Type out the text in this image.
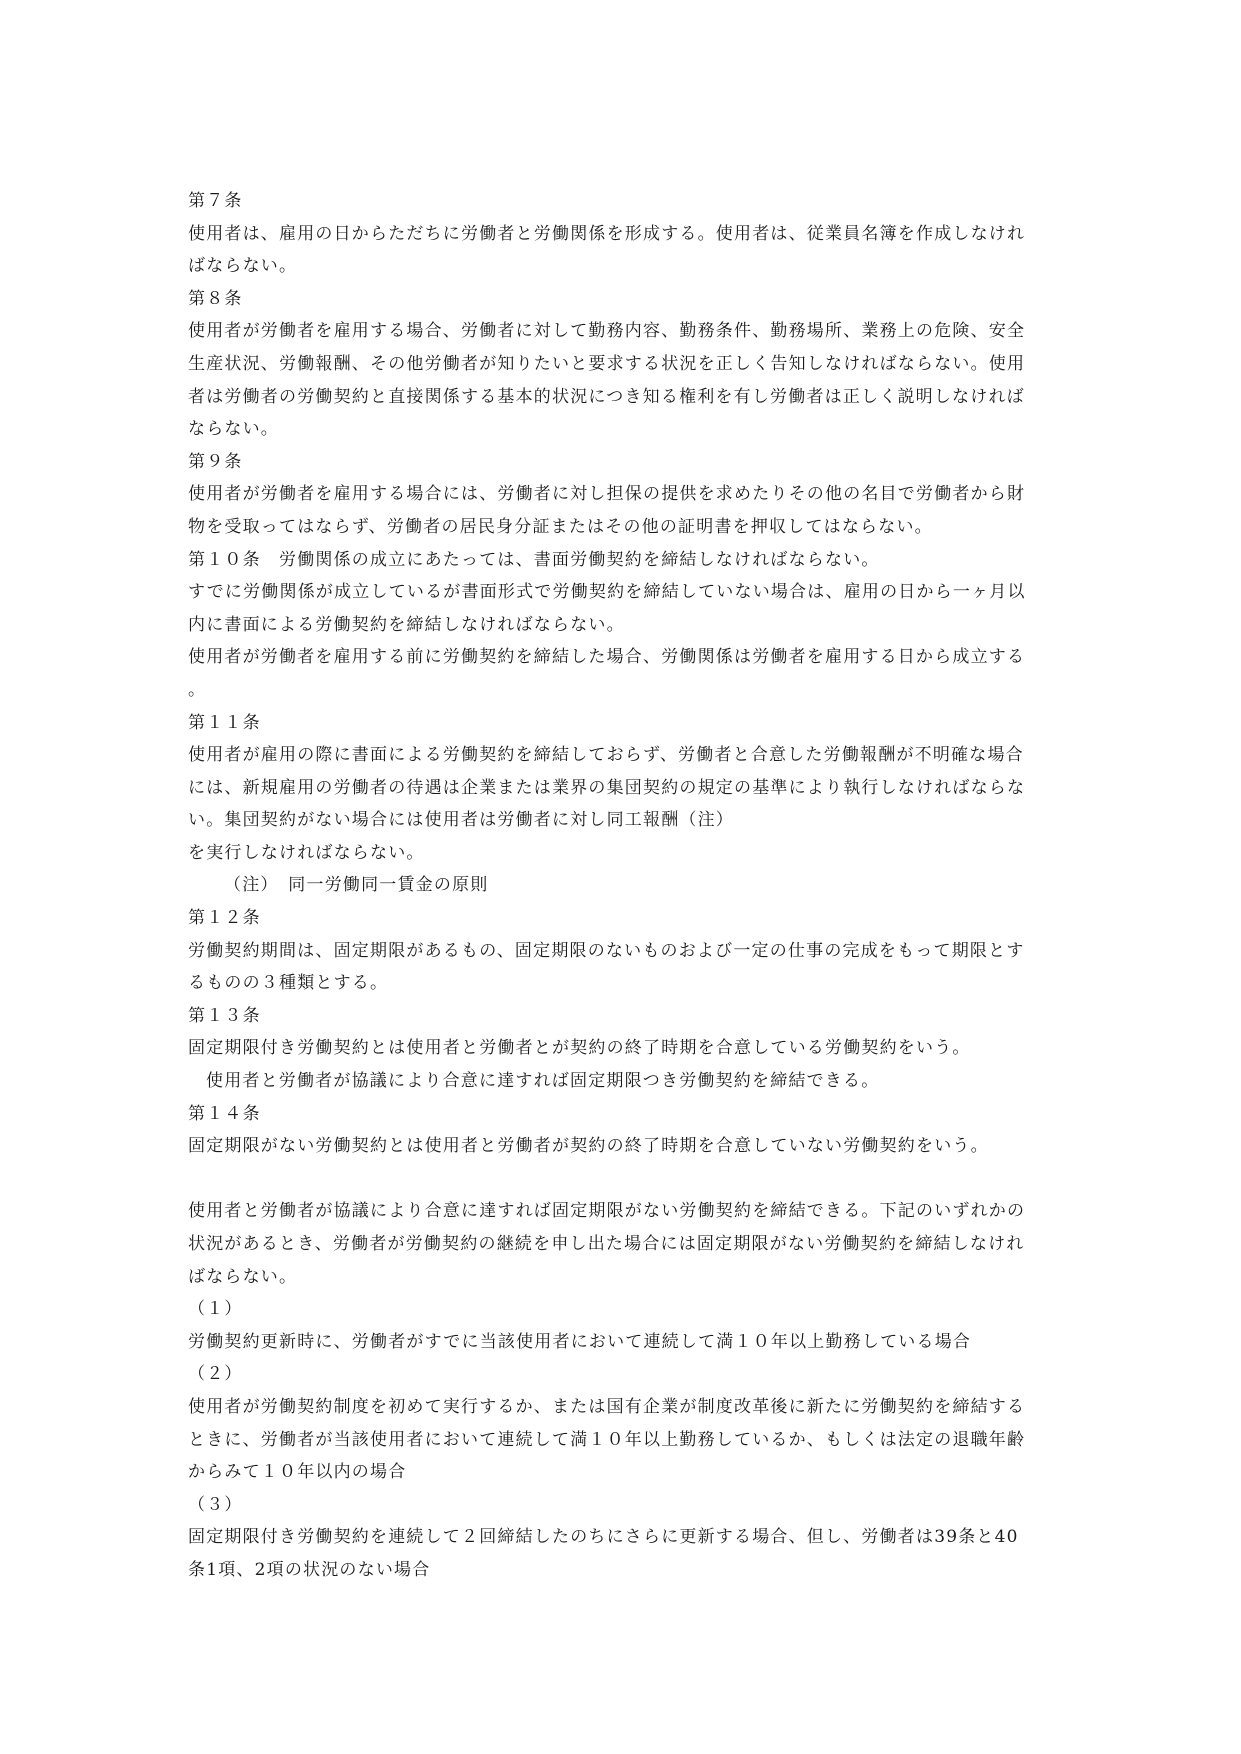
第７条
使用者は、雇用の日からただちに労働者と労働関係を形成する。使用者は、従業員名簿を作成しなけれ
ばならない。
第８条
使用者が労働者を雇用する場合、労働者に対して勤務内容、勤務条件、勤務場所、業務上の危険、安全
生産状況、労働報酬、その他労働者が知りたいと要求する状況を正しく告知しなければならない。使用
者は労働者の労働契約と直接関係する基本的状況につき知る権利を有し労働者は正しく説明しなければ
ならない。
第９条
使用者が労働者を雇用する場合には、労働者に対し担保の提供を求めたりその他の名目で労働者から財
物を受取ってはならず、労働者の居民身分証またはその他の証明書を押収してはならない。
第１０条　労働関係の成立にあたっては、書面労働契約を締結しなければならない。
すでに労働関係が成立しているが書面形式で労働契約を締結していない場合は、雇用の日から一ヶ月以
内に書面による労働契約を締結しなければならない。
使用者が労働者を雇用する前に労働契約を締結した場合、労働関係は労働者を雇用する日から成立する
。
第１１条
使用者が雇用の際に書面による労働契約を締結しておらず、労働者と合意した労働報酬が不明確な場合
には、新規雇用の労働者の待遇は企業または業界の集団契約の規定の基準により執行しなければならな
い。集団契約がない場合には使用者は労働者に対し同工報酬（注）
を実行しなければならない。
（注）　同一労働同一賃金の原則
第１２条
労働契約期間は、固定期限があるもの、固定期限のないものおよび一定の仕事の完成をもって期限とす
るものの３種類とする。
第１３条
固定期限付き労働契約とは使用者と労働者とが契約の終了時期を合意している労働契約をいう。
使用者と労働者が協議により合意に達すれば固定期限つき労働契約を締結できる。
第１４条
固定期限がない労働契約とは使用者と労働者が契約の終了時期を合意していない労働契約をいう。
使用者と労働者が協議により合意に達すれば固定期限がない労働契約を締結できる。下記のいずれかの
状況があるとき、労働者が労働契約の継続を申し出た場合には固定期限がない労働契約を締結しなけれ
ばならない。
（１）
労働契約更新時に、労働者がすでに当該使用者において連続して満１０年以上勤務している場合
（２）
使用者が労働契約制度を初めて実行するか、または国有企業が制度改革後に新たに労働契約を締結する
ときに、労働者が当該使用者において連続して満１０年以上勤務しているか、もしくは法定の退職年齢
からみて１０年以内の場合
（３）
固定期限付き労働契約を連続して２回締結したのちにさらに更新する場合、但し、労働者は39条と40
条1項、2項の状況のない場合
